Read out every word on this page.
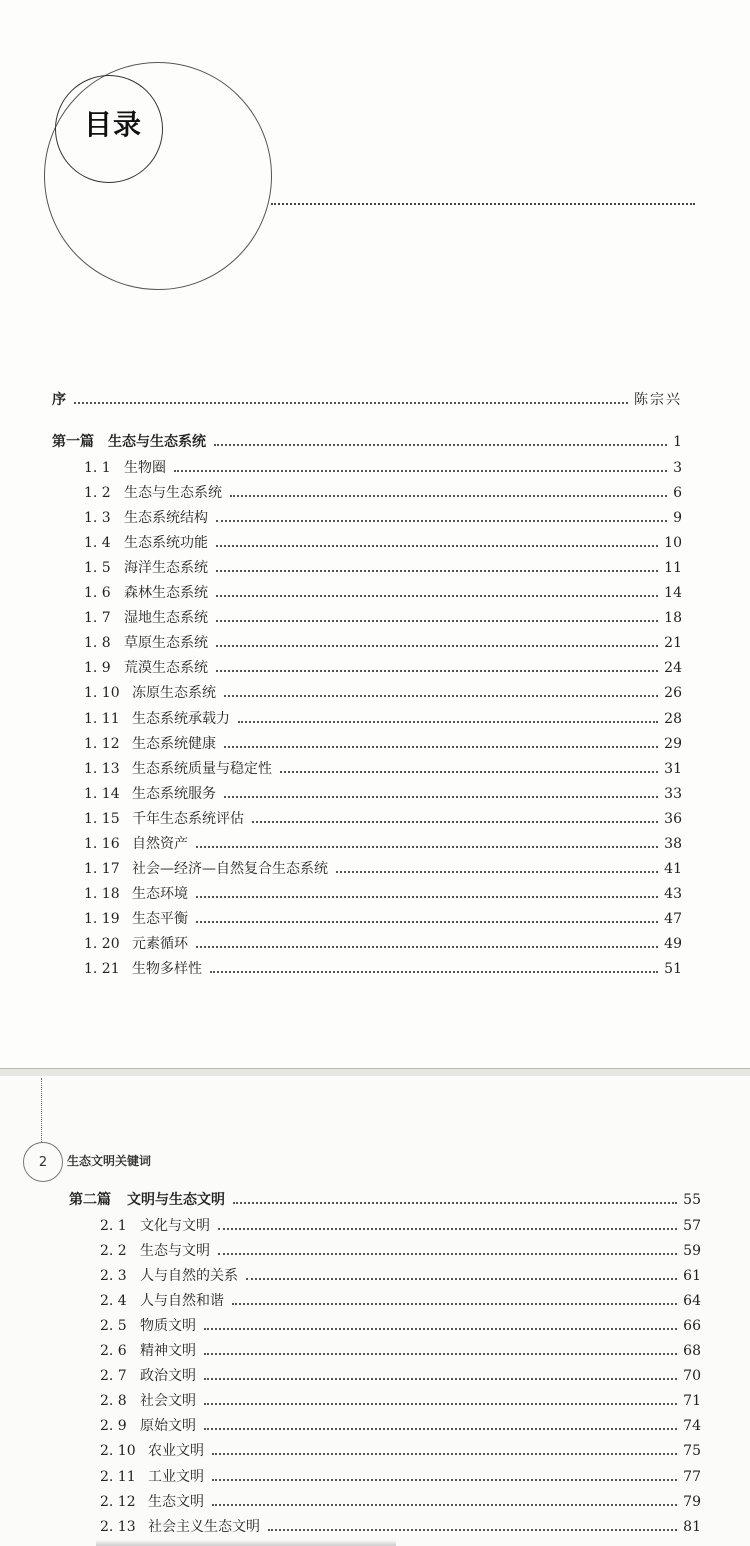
目录
序	陈宗兴
第一篇 生态与生态系统	1
1. 1 生物圈	3
1. 2 生态与生态系统	6
1. 3 生态系统结构	9
1. 4 生态系统功能	10
1. 5 海洋生态系统	11
1. 6 森林生态系统	14
1. 7 湿地生态系统	18
1. 8 草原生态系统	21
1. 9 荒漠生态系统	24
1. 10 冻原生态系统	26
1. 11 生态系统承载力	28
1. 12 生态系统健康	29
1. 13 生态系统质量与稳定性	31
1. 14 生态系统服务	33
1. 15 千年生态系统评估	36
1. 16 自然资产	38
1. 17 社会—经济—自然复合生态系统	41
1. 18 生态环境	43
1. 19 生态平衡	47
1. 20 元素循环	49
1. 21 生物多样性	51
2	生态文明关键词
第二篇 文明与生态文明	55
2. 1 文化与文明	57
2. 2 生态与文明	59
2. 3 人与自然的关系	61
2. 4 人与自然和谐	64
2. 5 物质文明	66
2. 6 精神文明	68
2. 7 政治文明	70
2. 8 社会文明	71
2. 9 原始文明	74
2. 10 农业文明	75
2. 11 工业文明	77
2. 12 生态文明	79
2. 13 社会主义生态文明	81
